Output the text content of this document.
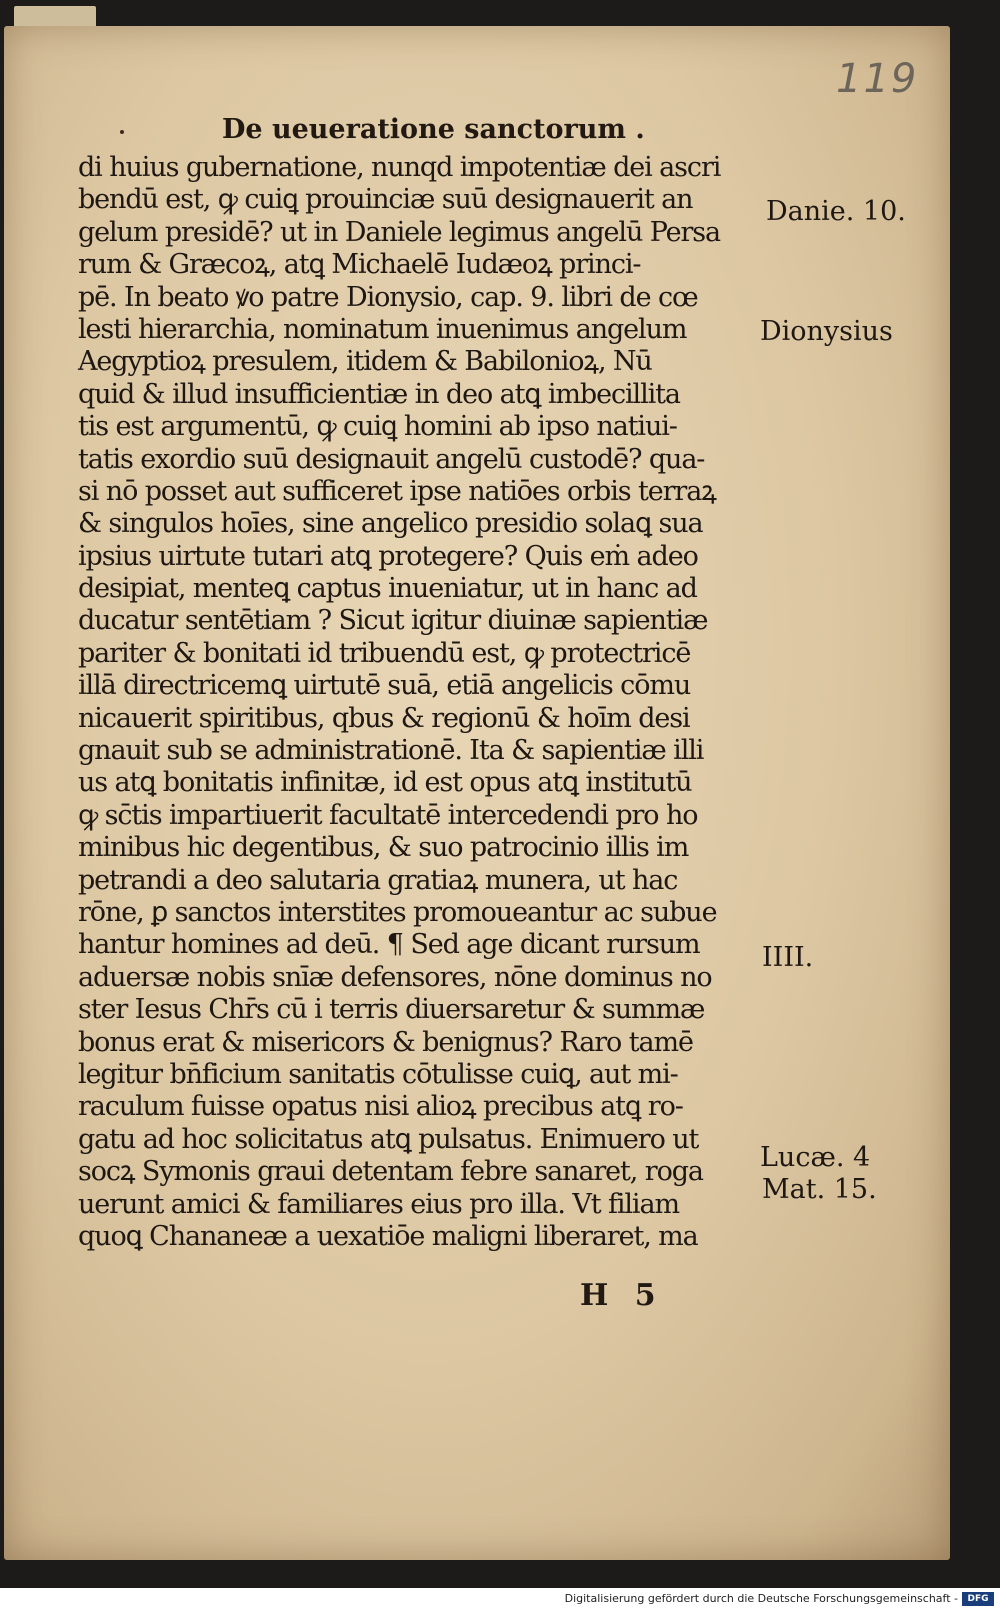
119
De ueueratione sanctorum .
di huius gubernatione, nunqd impotentiæ dei ascri
bendū est, ꝙ cuiꝗ prouinciæ suū designauerit an
gelum presidē? ut in Daniele legimus angelū Persa
rum & Græcoꝝ, atꝗ Michaelē Iudæoꝝ princi-
pē. In beato ꝟo patre Dionysio, cap. 9. libri de cœ
lesti hierarchia, nominatum inuenimus angelum
Aegyptioꝝ presulem, itidem & Babilonioꝝ, Nū
quid & illud insufficientiæ in deo atꝗ imbecillita
tis est argumentū, ꝙ cuiꝗ homini ab ipso natiui-
tatis exordio suū designauit angelū custodē? qua-
si nō posset aut sufficeret ipse natiōes orbis terraꝝ
& singulos hoīes, sine angelico presidio solaꝗ sua
ipsius uirtute tutari atꝗ protegere? Quis eṁ adeo
desipiat, menteꝗ captus inueniatur, ut in hanc ad
ducatur sentētiam ? Sicut igitur diuinæ sapientiæ
pariter & bonitati id tribuendū est, ꝙ protectricē
illā directricemꝗ uirtutē suā, etiā angelicis cōmu
nicauerit spiritibus, qbus & regionū & hoīm desi
gnauit sub se administrationē. Ita & sapientiæ illi
us atꝗ bonitatis infinitæ, id est opus atꝗ institutū
ꝙ sc̄tis impartiuerit facultatē intercedendi pro ho
minibus hic degentibus, & suo patrocinio illis im
petrandi a deo salutaria gratiaꝝ munera, ut hac
rōne, ꝑ sanctos interstites promoueantur ac subue
hantur homines ad deū. ¶ Sed age dicant rursum
aduersæ nobis snīæ defensores, nōne dominus no
ster Iesus Chr̄s cū i terris diuersaretur & summæ
bonus erat & misericors & benignus? Raro tamē
legitur bn̄ficium sanitatis cōtulisse cuiꝗ, aut mi-
raculum fuisse opatus nisi alioꝝ precibus atꝗ ro-
gatu ad hoc solicitatus atꝗ pulsatus. Enimuero ut
socꝝ Symonis graui detentam febre sanaret, roga
uerunt amici & familiares eius pro illa. Vt filiam
quoꝗ Chananeæ a uexatiōe maligni liberaret, ma
Danie. 10.
Dionysius
IIII.
Lucæ. 4
Mat. 15.
H 5
Digitalisierung gefördert durch die Deutsche Forschungsgemeinschaft -	DFG
